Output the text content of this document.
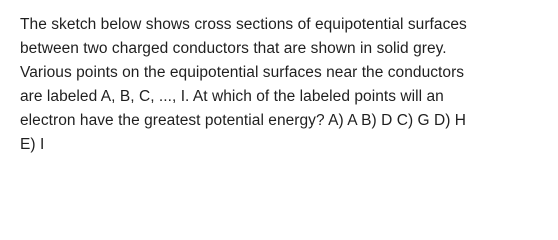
The sketch below shows cross sections of equipotential surfaces
between two charged conductors that are shown in solid grey.
Various points on the equipotential surfaces near the conductors
are labeled A, B, C, ..., I. At which of the labeled points will an
electron have the greatest potential energy? A) A B) D C) G D) H
E) I
